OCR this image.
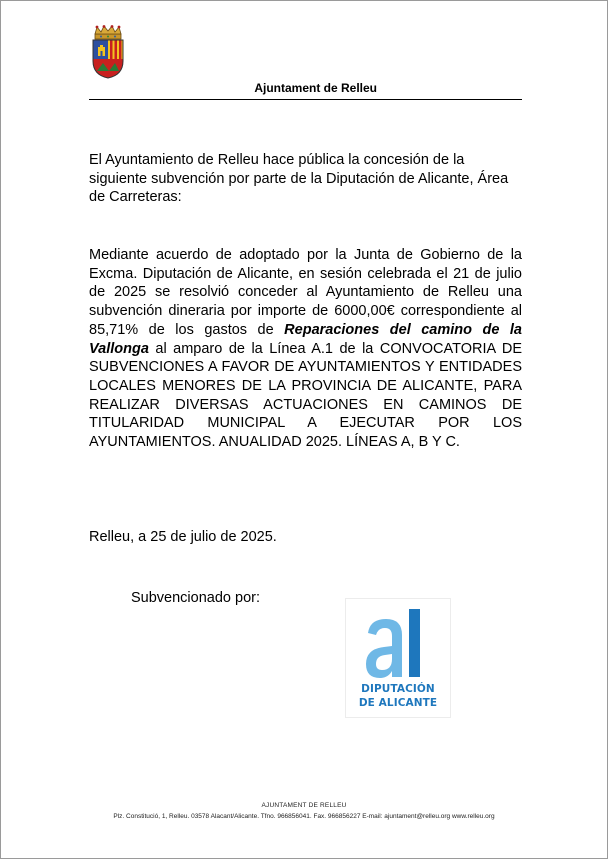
Ajuntament de Relleu
El Ayuntamiento de Relleu hace pública la concesión de la siguiente subvención por parte de la Diputación de Alicante, Área de Carreteras:
Mediante acuerdo de adoptado por la Junta de Gobierno de la Excma. Diputación de Alicante, en sesión celebrada el 21 de julio de 2025 se resolvió conceder al Ayuntamiento de Relleu una subvención dineraria por importe de 6000,00€ correspondiente al 85,71% de los gastos de Reparaciones del camino de la Vallonga al amparo de la Línea A.1 de la CONVOCATORIA DE SUBVENCIONES A FAVOR DE AYUNTAMIENTOS Y ENTIDADES LOCALES MENORES DE LA PROVINCIA DE ALICANTE, PARA REALIZAR DIVERSAS ACTUACIONES EN CAMINOS DE TITULARIDAD MUNICIPAL A EJECUTAR POR LOS AYUNTAMIENTOS. ANUALIDAD 2025. LÍNEAS A, B Y C.
Relleu, a 25 de julio de 2025.
Subvencionado por:
DIPUTACIÓN
DE ALICANTE
AJUNTAMENT DE RELLEU
Plz. Constitució, 1, Relleu. 03578 Alacant/Alicante. Tfno. 966856041. Fax. 966856227 E-mail: ajuntament@relleu.org www.relleu.org
